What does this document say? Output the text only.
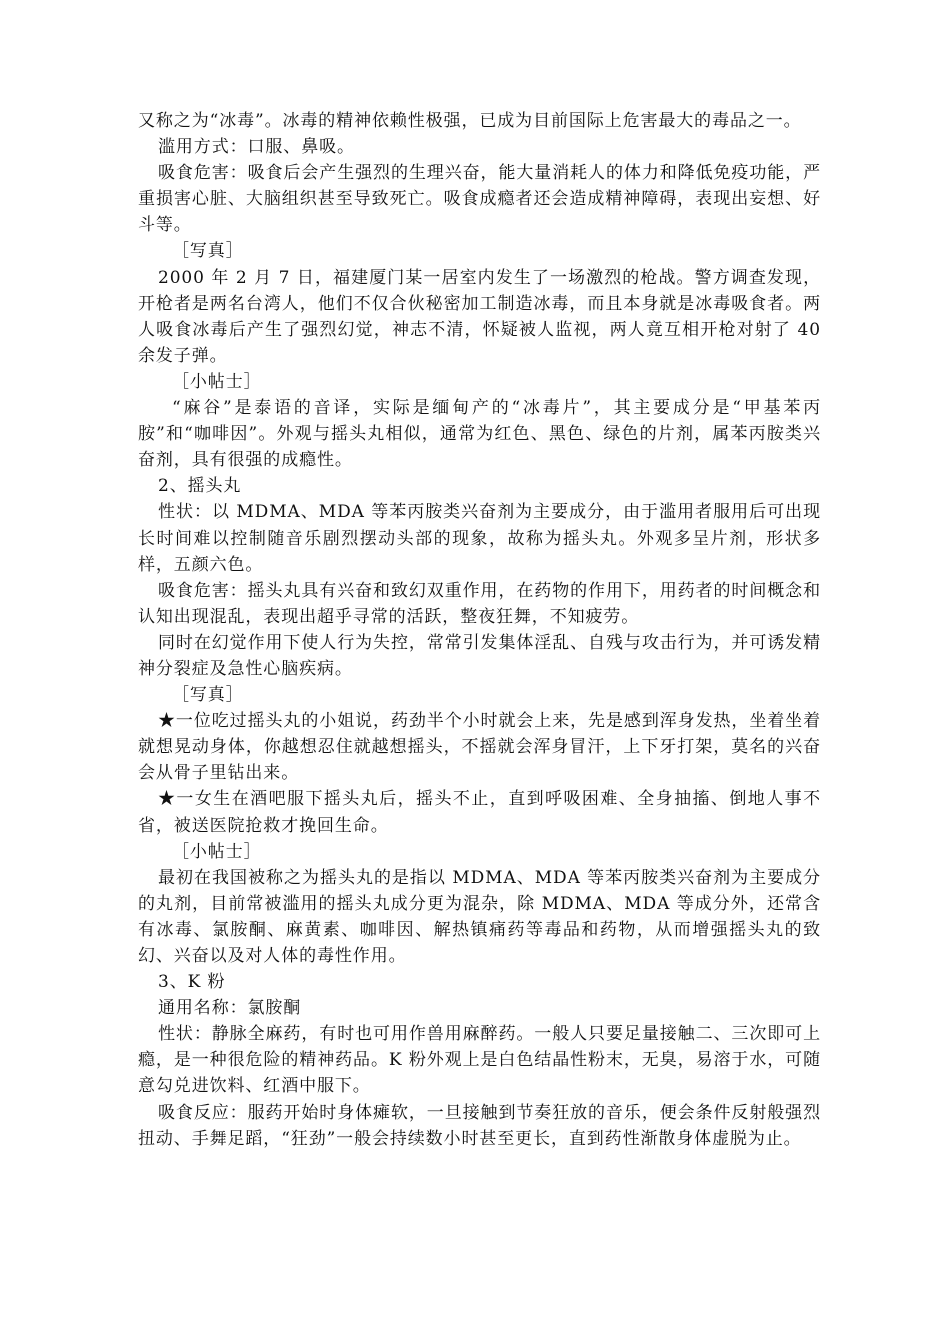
又称之为“冰毒”。冰毒的精神依赖性极强，已成为目前国际上危害最大的毒品之一。

滥用方式：口服、鼻吸。

吸食危害：吸食后会产生强烈的生理兴奋，能大量消耗人的体力和降低免疫功能，严重损害心脏、大脑组织甚至导致死亡。吸食成瘾者还会造成精神障碍，表现出妄想、好斗等。

［写真］

2000 年 2 月 7 日，福建厦门某一居室内发生了一场激烈的枪战。警方调查发现，开枪者是两名台湾人，他们不仅合伙秘密加工制造冰毒，而且本身就是冰毒吸食者。两人吸食冰毒后产生了强烈幻觉，神志不清，怀疑被人监视，两人竟互相开枪对射了 40 余发子弹。

［小帖士］

“麻谷”是泰语的音译，实际是缅甸产的“冰毒片”，其主要成分是“甲基苯丙胺”和“咖啡因”。外观与摇头丸相似，通常为红色、黑色、绿色的片剂，属苯丙胺类兴奋剂，具有很强的成瘾性。

2、摇头丸

性状：以 MDMA、MDA 等苯丙胺类兴奋剂为主要成分，由于滥用者服用后可出现长时间难以控制随音乐剧烈摆动头部的现象，故称为摇头丸。外观多呈片剂，形状多样，五颜六色。

吸食危害：摇头丸具有兴奋和致幻双重作用，在药物的作用下，用药者的时间概念和认知出现混乱，表现出超乎寻常的活跃，整夜狂舞，不知疲劳。

同时在幻觉作用下使人行为失控，常常引发集体淫乱、自残与攻击行为，并可诱发精神分裂症及急性心脑疾病。

［写真］

★一位吃过摇头丸的小姐说，药劲半个小时就会上来，先是感到浑身发热，坐着坐着就想晃动身体，你越想忍住就越想摇头，不摇就会浑身冒汗，上下牙打架，莫名的兴奋会从骨子里钻出来。

★一女生在酒吧服下摇头丸后，摇头不止，直到呼吸困难、全身抽搐、倒地人事不省，被送医院抢救才挽回生命。

［小帖士］

最初在我国被称之为摇头丸的是指以 MDMA、MDA 等苯丙胺类兴奋剂为主要成分的丸剂，目前常被滥用的摇头丸成分更为混杂，除 MDMA、MDA 等成分外，还常含有冰毒、氯胺酮、麻黄素、咖啡因、解热镇痛药等毒品和药物，从而增强摇头丸的致幻、兴奋以及对人体的毒性作用。

3、K 粉

通用名称：氯胺酮

性状：静脉全麻药，有时也可用作兽用麻醉药。一般人只要足量接触二、三次即可上瘾，是一种很危险的精神药品。K 粉外观上是白色结晶性粉末，无臭，易溶于水，可随意勾兑进饮料、红酒中服下。

吸食反应：服药开始时身体瘫软，一旦接触到节奏狂放的音乐，便会条件反射般强烈扭动、手舞足蹈，“狂劲”一般会持续数小时甚至更长，直到药性渐散身体虚脱为止。
